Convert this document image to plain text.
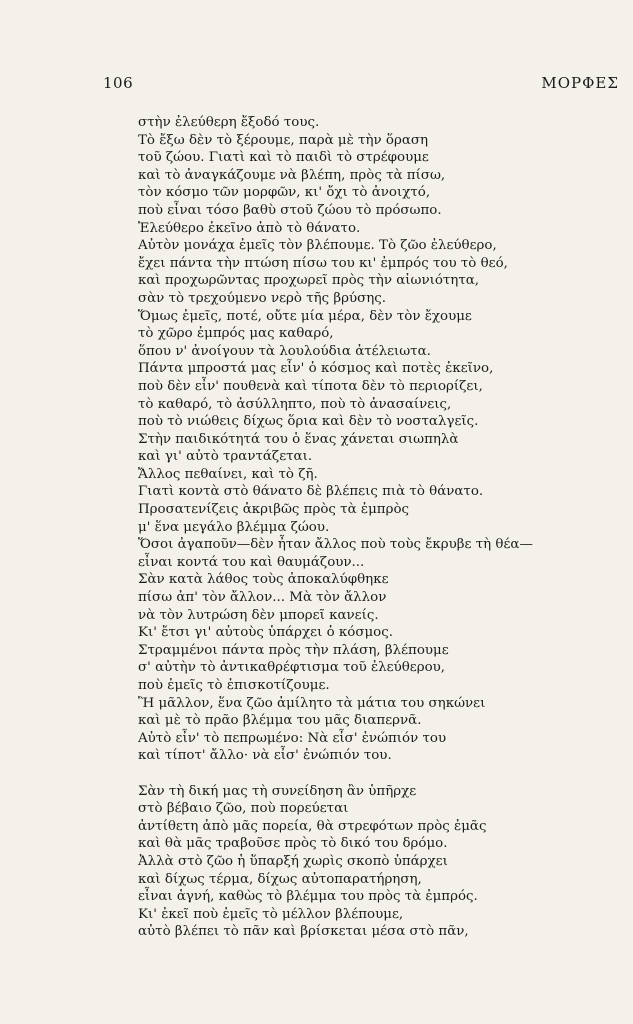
106	ΜΟΡΦΕΣ
στὴν ἐλεύθερη ἔξοδό τους.
Τὸ ἔξω δὲν τὸ ξέρουμε, παρὰ μὲ τὴν ὅραση
τοῦ ζώου. Γιατὶ καὶ τὸ παιδὶ τὸ στρέφουμε
καὶ τὸ ἀναγκάζουμε νὰ βλέπη, πρὸς τὰ πίσω,
τὸν κόσμο τῶν μορφῶν, κι' ὄχι τὸ ἀνοιχτό,
ποὺ εἶναι τόσο βαθὺ στοῦ ζώου τὸ πρόσωπο.
Ἐλεύθερο ἐκεῖνο ἀπὸ τὸ θάνατο.
Αὐτὸν μονάχα ἐμεῖς τὸν βλέπουμε. Τὸ ζῶο ἐλεύθερο,
ἔχει πάντα τὴν πτώση πίσω του κι' ἐμπρός του τὸ θεό,
καὶ προχωρῶντας προχωρεῖ πρὸς τὴν αἰωνιότητα,
σὰν τὸ τρεχούμενο νερὸ τῆς βρύσης.
Ὅμως ἐμεῖς, ποτέ, οὔτε μία μέρα, δὲν τὸν ἔχουμε
τὸ χῶρο ἐμπρός μας καθαρό,
ὅπου ν' ἀνοίγουν τὰ λουλούδια ἀτέλειωτα.
Πάντα μπροστά μας εἶν' ὁ κόσμος καὶ ποτὲς ἐκεῖνο,
ποὺ δὲν εἶν' πουθενὰ καὶ τίποτα δὲν τὸ περιορίζει,
τὸ καθαρό, τὸ ἀσύλληπτο, ποὺ τὸ ἀνασαίνεις,
ποὺ τὸ νιώθεις δίχως ὅρια καὶ δὲν τὸ νοσταλγεῖς.
Στὴν παιδικότητά του ὁ ἕνας χάνεται σιωπηλὰ
καὶ γι' αὐτὸ τραντάζεται.
Ἄλλος πεθαίνει, καὶ τὸ ζῆ.
Γιατὶ κοντὰ στὸ θάνατο δὲ βλέπεις πιὰ τὸ θάνατο.
Προσατενίζεις ἀκριβῶς πρὸς τὰ ἐμπρὸς
μ' ἕνα μεγάλο βλέμμα ζώου.
Ὅσοι ἀγαποῦν—δὲν ἦταν ἄλλος ποὺ τοὺς ἔκρυβε τὴ θέα—
εἶναι κοντά του καὶ θαυμάζουν...
Σὰν κατὰ λάθος τοὺς ἀποκαλύφθηκε
πίσω ἀπ' τὸν ἄλλον... Μὰ τὸν ἄλλον
νὰ τὸν λυτρώση δὲν μπορεῖ κανείς.
Κι' ἔτσι γι' αὐτοὺς ὑπάρχει ὁ κόσμος.
Στραμμένοι πάντα πρὸς τὴν πλάση, βλέπουμε
σ' αὐτὴν τὸ ἀντικαθρέφτισμα τοῦ ἐλεύθερου,
ποὺ ἐμεῖς τὸ ἐπισκοτίζουμε.
Ἢ μᾶλλον, ἕνα ζῶο ἀμίλητο τὰ μάτια του σηκώνει
καὶ μὲ τὸ πρᾶο βλέμμα του μᾶς διαπερνᾶ.
Αὐτὸ εἶν' τὸ πεπρωμένο: Νὰ εἶσ' ἐνώπιόν του
καὶ τίποτ' ἄλλο· νὰ εἶσ' ἐνώπιόν του.
Σὰν τὴ δική μας τὴ συνείδηση ἂν ὑπῆρχε
στὸ βέβαιο ζῶο, ποὺ πορεύεται
ἀντίθετη ἀπὸ μᾶς πορεία, θὰ στρεφότων πρὸς ἐμᾶς
καὶ θὰ μᾶς τραβοῦσε πρὸς τὸ δικό του δρόμο.
Ἀλλὰ στὸ ζῶο ἡ ὕπαρξή χωρὶς σκοπὸ ὑπάρχει
καὶ δίχως τέρμα, δίχως αὐτοπαρατήρηση,
εἶναι ἁγνή, καθὼς τὸ βλέμμα του πρὸς τὰ ἐμπρός.
Κι' ἐκεῖ ποὺ ἐμεῖς τὸ μέλλον βλέπουμε,
αὐτὸ βλέπει τὸ πᾶν καὶ βρίσκεται μέσα στὸ πᾶν,
